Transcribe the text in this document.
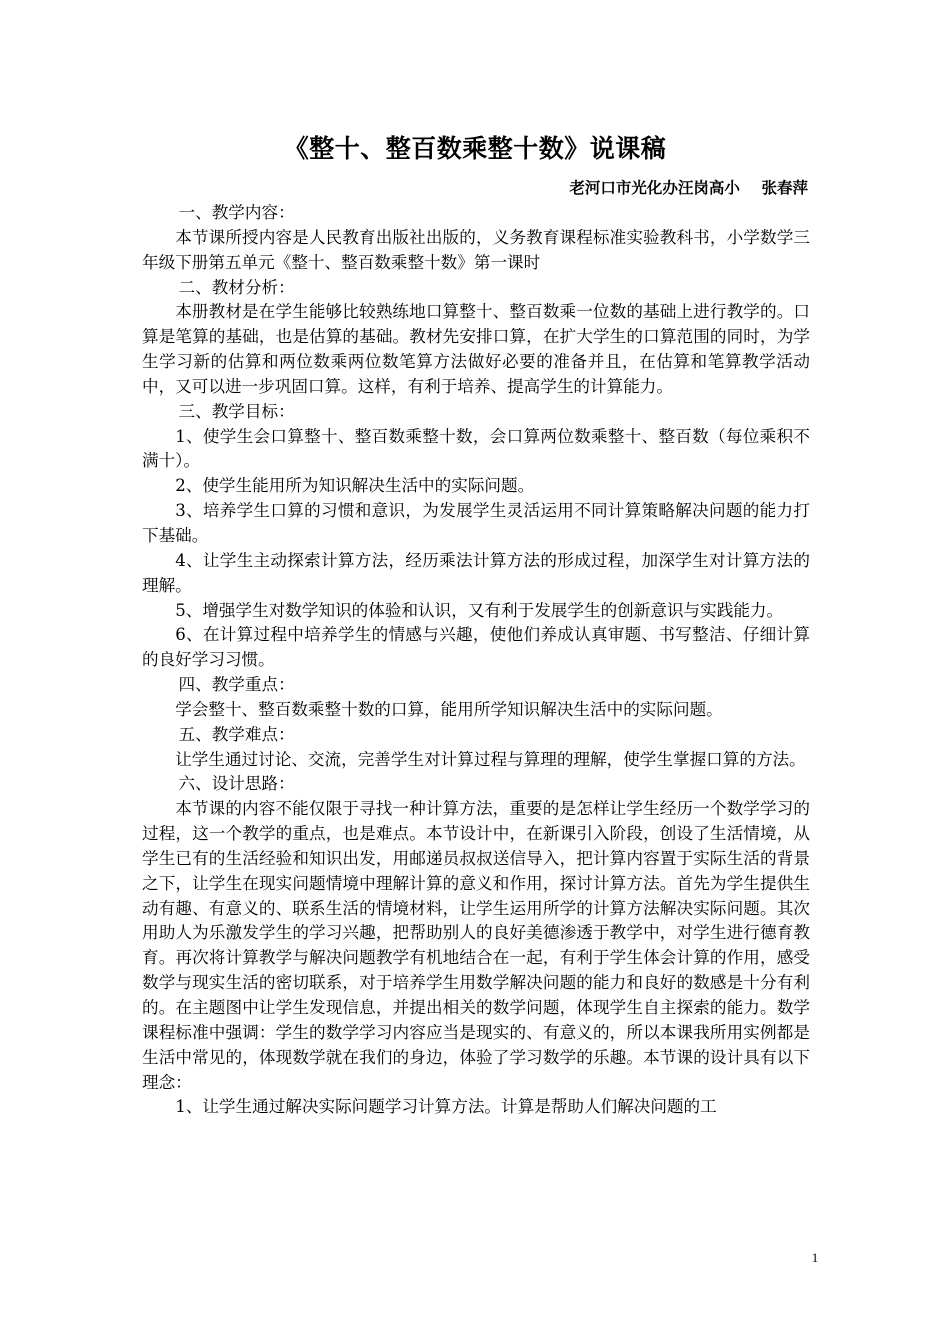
《整十、整百数乘整十数》说课稿
老河口市光化办汪岗高小    张春萍

一、教学内容：

本节课所授内容是人民教育出版社出版的，义务教育课程标准实验教科书，小学数学三年级下册第五单元《整十、整百数乘整十数》第一课时

二、教材分析：

本册教材是在学生能够比较熟练地口算整十、整百数乘一位数的基础上进行教学的。口算是笔算的基础，也是估算的基础。教材先安排口算，在扩大学生的口算范围的同时，为学生学习新的估算和两位数乘两位数笔算方法做好必要的准备并且，在估算和笔算教学活动中，又可以进一步巩固口算。这样，有利于培养、提高学生的计算能力。

三、教学目标：

1、使学生会口算整十、整百数乘整十数，会口算两位数乘整十、整百数（每位乘积不满十）。

2、使学生能用所为知识解决生活中的实际问题。

3、培养学生口算的习惯和意识，为发展学生灵活运用不同计算策略解决问题的能力打下基础。

4、让学生主动探索计算方法，经历乘法计算方法的形成过程，加深学生对计算方法的理解。

5、增强学生对数学知识的体验和认识，又有利于发展学生的创新意识与实践能力。

6、在计算过程中培养学生的情感与兴趣，使他们养成认真审题、书写整洁、仔细计算的良好学习习惯。

四、教学重点：

学会整十、整百数乘整十数的口算，能用所学知识解决生活中的实际问题。

五、教学难点：

让学生通过讨论、交流，完善学生对计算过程与算理的理解，使学生掌握口算的方法。

六、设计思路：

本节课的内容不能仅限于寻找一种计算方法，重要的是怎样让学生经历一个数学学习的过程，这一个教学的重点，也是难点。本节设计中，在新课引入阶段，创设了生活情境，从学生已有的生活经验和知识出发，用邮递员叔叔送信导入，把计算内容置于实际生活的背景之下，让学生在现实问题情境中理解计算的意义和作用，探讨计算方法。首先为学生提供生动有趣、有意义的、联系生活的情境材料，让学生运用所学的计算方法解决实际问题。其次用助人为乐激发学生的学习兴趣，把帮助别人的良好美德渗透于教学中，对学生进行德育教育。再次将计算教学与解决问题教学有机地结合在一起，有利于学生体会计算的作用，感受数学与现实生活的密切联系，对于培养学生用数学解决问题的能力和良好的数感是十分有利的。在主题图中让学生发现信息，并提出相关的数学问题，体现学生自主探索的能力。数学课程标准中强调：学生的数学学习内容应当是现实的、有意义的，所以本课我所用实例都是生活中常见的，体现数学就在我们的身边，体验了学习数学的乐趣。本节课的设计具有以下理念：

1、让学生通过解决实际问题学习计算方法。计算是帮助人们解决问题的工

1
